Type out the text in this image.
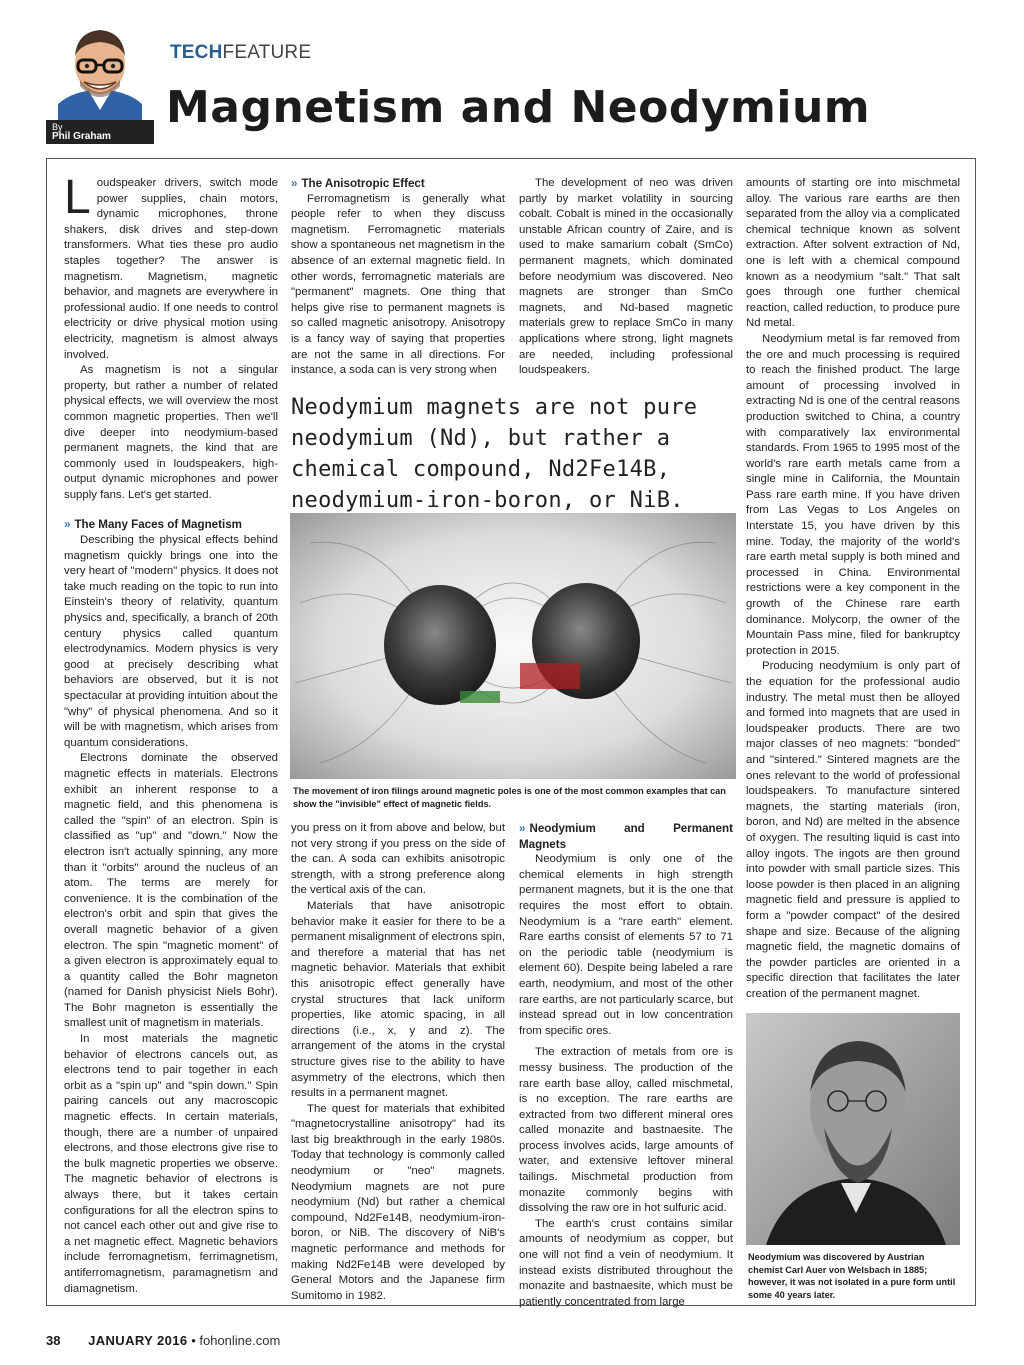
By
Phil Graham
TECHFEATURE
Magnetism and Neodymium

Loudspeaker drivers, switch mode power supplies, chain motors, dynamic microphones, throne shakers, disk drives and step-down transformers. What ties these pro audio staples together? The answer is magnetism. Magnetism, magnetic behavior, and magnets are everywhere in professional audio. If one needs to control electricity or drive physical motion using electricity, magnetism is almost always involved.

As magnetism is not a singular property, but rather a number of related physical effects, we will overview the most common magnetic properties. Then we'll dive deeper into neodymium-based permanent magnets, the kind that are commonly used in loudspeakers, high-output dynamic microphones and power supply fans. Let's get started.

» The Many Faces of Magnetism

Describing the physical effects behind magnetism quickly brings one into the very heart of "modern" physics. It does not take much reading on the topic to run into Einstein's theory of relativity, quantum physics and, specifically, a branch of 20th century physics called quantum electrodynamics. Modern physics is very good at precisely describing what behaviors are observed, but it is not spectacular at providing intuition about the "why" of physical phenomena. And so it will be with magnetism, which arises from quantum considerations.

Electrons dominate the observed magnetic effects in materials. Electrons exhibit an inherent response to a magnetic field, and this phenomena is called the "spin" of an electron. Spin is classified as "up" and "down." Now the electron isn't actually spinning, any more than it "orbits" around the nucleus of an atom. The terms are merely for convenience. It is the combination of the electron's orbit and spin that gives the overall magnetic behavior of a given electron. The spin "magnetic moment" of a given electron is approximately equal to a quantity called the Bohr magneton (named for Danish physicist Niels Bohr). The Bohr magneton is essentially the smallest unit of magnetism in materials.

In most materials the magnetic behavior of electrons cancels out, as electrons tend to pair together in each orbit as a "spin up" and "spin down." Spin pairing cancels out any macroscopic magnetic effects. In certain materials, though, there are a number of unpaired electrons, and those electrons give rise to the bulk magnetic properties we observe. The magnetic behavior of electrons is always there, but it takes certain configurations for all the electron spins to not cancel each other out and give rise to a net magnetic effect. Magnetic behaviors include ferromagnetism, ferrimagnetism, antiferromagnetism, paramagnetism and diamagnetism.

» The Anisotropic Effect

Ferromagnetism is generally what people refer to when they discuss magnetism. Ferromagnetic materials show a spontaneous net magnetism in the absence of an external magnetic field. In other words, ferromagnetic materials are "permanent" magnets. One thing that helps give rise to permanent magnets is so called magnetic anisotropy. Anisotropy is a fancy way of saying that properties are not the same in all directions. For instance, a soda can is very strong when

The development of neo was driven partly by market volatility in sourcing cobalt. Cobalt is mined in the occasionally unstable African country of Zaire, and is used to make samarium cobalt (SmCo) permanent magnets, which dominated before neodymium was discovered. Neo magnets are stronger than SmCo magnets, and Nd-based magnetic materials grew to replace SmCo in many applications where strong, light magnets are needed, including professional loudspeakers.

Neodymium magnets are not pure neodymium (Nd), but rather a chemical compound, Nd2Fe14B, neodymium-iron-boron, or NiB.
The movement of iron filings around magnetic poles is one of the most common examples that can show the "invisible" effect of magnetic fields.

you press on it from above and below, but not very strong if you press on the side of the can. A soda can exhibits anisotropic strength, with a strong preference along the vertical axis of the can.

Materials that have anisotropic behavior make it easier for there to be a permanent misalignment of electrons spin, and therefore a material that has net magnetic behavior. Materials that exhibit this anisotropic effect generally have crystal structures that lack uniform properties, like atomic spacing, in all directions (i.e., x, y and z). The arrangement of the atoms in the crystal structure gives rise to the ability to have asymmetry of the electrons, which then results in a permanent magnet.

The quest for materials that exhibited "magnetocrystalline anisotropy" had its last big breakthrough in the early 1980s. Today that technology is commonly called neodymium or "neo" magnets. Neodymium magnets are not pure neodymium (Nd) but rather a chemical compound, Nd2Fe14B, neodymium-iron-boron, or NiB. The discovery of NiB's magnetic performance and methods for making Nd2Fe14B were developed by General Motors and the Japanese firm Sumitomo in 1982.

» Neodymium and Permanent Magnets

Neodymium is only one of the chemical elements in high strength permanent magnets, but it is the one that requires the most effort to obtain. Neodymium is a "rare earth" element. Rare earths consist of elements 57 to 71 on the periodic table (neodymium is element 60). Despite being labeled a rare earth, neodymium, and most of the other rare earths, are not particularly scarce, but instead spread out in low concentration from specific ores.

The extraction of metals from ore is messy business. The production of the rare earth base alloy, called mischmetal, is no exception. The rare earths are extracted from two different mineral ores called monazite and bastnaesite. The process involves acids, large amounts of water, and extensive leftover mineral tailings. Mischmetal production from monazite commonly begins with dissolving the raw ore in hot sulfuric acid.

The earth's crust contains similar amounts of neodymium as copper, but one will not find a vein of neodymium. It instead exists distributed throughout the monazite and bastnaesite, which must be patiently concentrated from large

amounts of starting ore into mischmetal alloy. The various rare earths are then separated from the alloy via a complicated chemical technique known as solvent extraction. After solvent extraction of Nd, one is left with a chemical compound known as a neodymium "salt." That salt goes through one further chemical reaction, called reduction, to produce pure Nd metal.

Neodymium metal is far removed from the ore and much processing is required to reach the finished product. The large amount of processing involved in extracting Nd is one of the central reasons production switched to China, a country with comparatively lax environmental standards. From 1965 to 1995 most of the world's rare earth metals came from a single mine in California, the Mountain Pass rare earth mine. If you have driven from Las Vegas to Los Angeles on Interstate 15, you have driven by this mine. Today, the majority of the world's rare earth metal supply is both mined and processed in China. Environmental restrictions were a key component in the growth of the Chinese rare earth dominance. Molycorp, the owner of the Mountain Pass mine, filed for bankruptcy protection in 2015.

Producing neodymium is only part of the equation for the professional audio industry. The metal must then be alloyed and formed into magnets that are used in loudspeaker products. There are two major classes of neo magnets: "bonded" and "sintered." Sintered magnets are the ones relevant to the world of professional loudspeakers. To manufacture sintered magnets, the starting materials (iron, boron, and Nd) are melted in the absence of oxygen. The resulting liquid is cast into alloy ingots. The ingots are then ground into powder with small particle sizes. This loose powder is then placed in an aligning magnetic field and pressure is applied to form a "powder compact" of the desired shape and size. Because of the aligning magnetic field, the magnetic domains of the powder particles are oriented in a specific direction that facilitates the later creation of the permanent magnet.

Neodymium was discovered by Austrian chemist Carl Auer von Welsbach in 1885; however, it was not isolated in a pure form until some 40 years later.
38 JANUARY 2016 • fohonline.com
